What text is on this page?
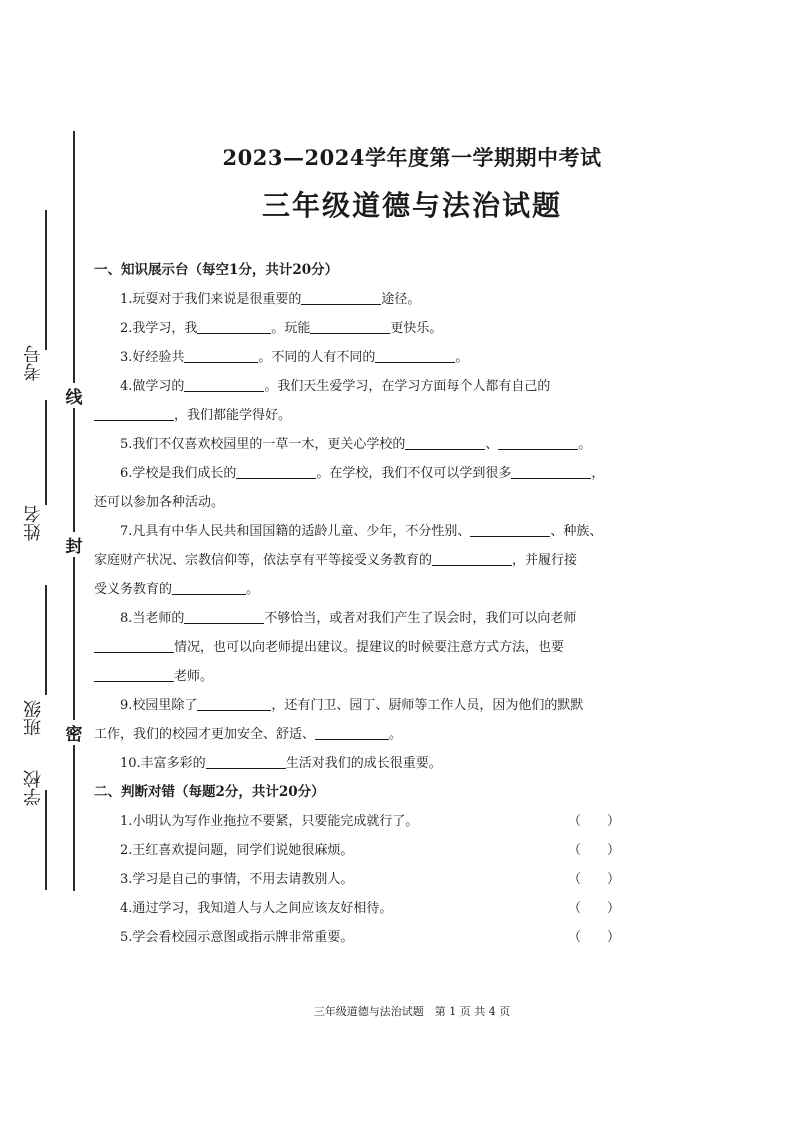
考号
姓名
班级
学校
线
封
密
2023—2024学年度第一学期期中考试
三年级道德与法治试题
一、知识展示台（每空1分，共计20分）
1.玩耍对于我们来说是很重要的	途径。
2.我学习，我	。玩能	更快乐。
3.好经验共	。不同的人有不同的	。
4.做学习的	。我们天生爱学习，在学习方面每个人都有自己的
，我们都能学得好。
5.我们不仅喜欢校园里的一草一木，更关心学校的	、	。
6.学校是我们成长的	。在学校，我们不仅可以学到很多	，
还可以参加各种活动。
7.凡具有中华人民共和国国籍的适龄儿童、少年，不分性别、	、种族、
家庭财产状况、宗教信仰等，依法享有平等接受义务教育的	，并履行接
受义务教育的	。
8.当老师的	不够恰当，或者对我们产生了误会时，我们可以向老师
情况，也可以向老师提出建议。提建议的时候要注意方式方法，也要
老师。
9.校园里除了	，还有门卫、园丁、厨师等工作人员，因为他们的默默
工作，我们的校园才更加安全、舒适、	。
10.丰富多彩的	生活对我们的成长很重要。
二、判断对错（每题2分，共计20分）
1.小明认为写作业拖拉不要紧，只要能完成就行了。	（　　）
2.王红喜欢提问题，同学们说她很麻烦。	（　　）
3.学习是自己的事情，不用去请教别人。	（　　）
4.通过学习，我知道人与人之间应该友好相待。	（　　）
5.学会看校园示意图或指示牌非常重要。	（　　）
三年级道德与法治试题　第 1 页 共 4 页
